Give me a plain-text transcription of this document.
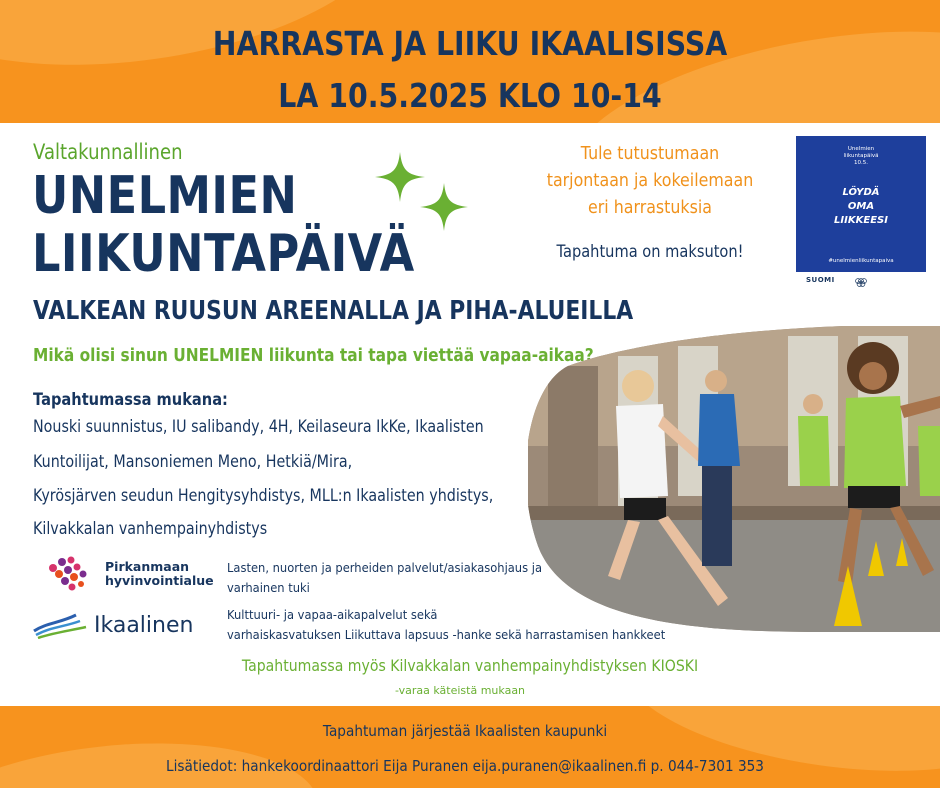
HARRASTA JA LIIKU IKAALISISSA
LA 10.5.2025 KLO 10-14
Valtakunnallinen
UNELMIEN
LIIKUNTAPÄIVÄ
VALKEAN RUUSUN AREENALLA JA PIHA-ALUEILLA
Mikä olisi sinun UNELMIEN liikunta tai tapa viettää vapaa-aikaa?
Tapahtumassa mukana:
Nouski suunnistus, IU salibandy, 4H, Keilaseura IkKe, Ikaalisten
Kuntoilijat, Mansoniemen Meno, Hetkiä/Mira,
Kyrösjärven seudun Hengitysyhdistys, MLL:n Ikaalisten yhdistys,
Kilvakkalan vanhempainyhdistys
Tule tutustumaan
tarjontaan ja kokeilemaan
eri harrastuksia
Tapahtuma on maksuton!
Unelmien
liikuntapäivä
10.5.
LÖYDÄ
OMA
LIIKKEESI
#unelmienliikuntapaiva
SUOMI
Pirkanmaan
hyvinvointialue
Lasten, nuorten ja perheiden palvelut/asiakasohjaus ja
varhainen tuki
Ikaalinen	Kulttuuri- ja vapaa-aikapalvelut sekä
varhaiskasvatuksen Liikuttava lapsuus -hanke sekä harrastamisen hankkeet
Tapahtumassa myös Kilvakkalan vanhempainyhdistyksen KIOSKI
-varaa käteistä mukaan
Tapahtuman järjestää Ikaalisten kaupunki
Lisätiedot: hankekoordinaattori Eija Puranen eija.puranen@ikaalinen.fi p. 044-7301 353
